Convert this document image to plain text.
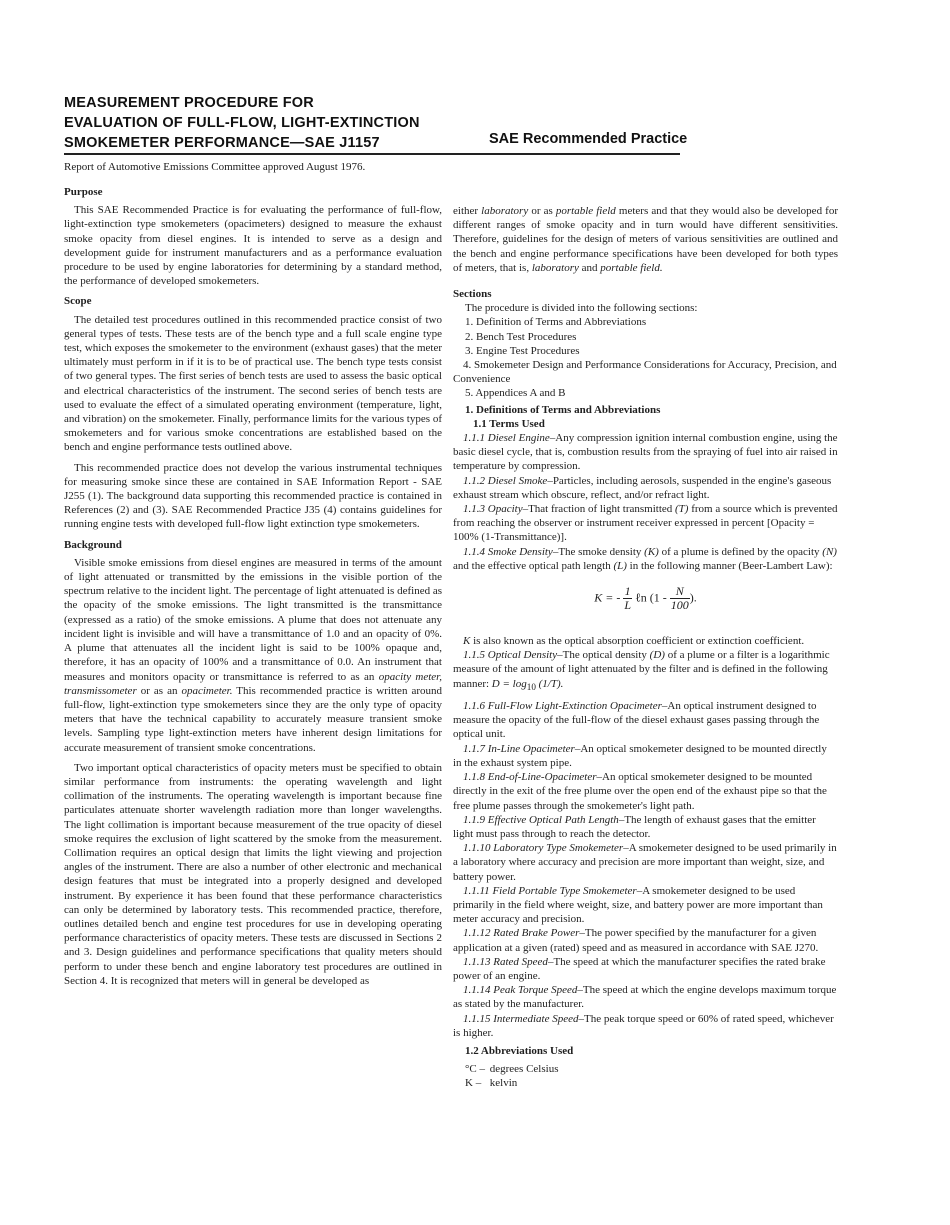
MEASUREMENT PROCEDURE FOR
EVALUATION OF FULL-FLOW, LIGHT-EXTINCTION
SMOKEMETER PERFORMANCE—SAE J1157	SAE Recommended Practice
Report of Automotive Emissions Committee approved August 1976.
Purpose

This SAE Recommended Practice is for evaluating the performance of full-flow, light-extinction type smokemeters (opacimeters) designed to measure the exhaust smoke opacity from diesel engines. It is intended to serve as a design and development guide for instrument manufacturers and as a performance evaluation procedure to be used by engine laboratories for determining by a standard method, the performance of developed smokemeters.

Scope

The detailed test procedures outlined in this recommended practice consist of two general types of tests. These tests are of the bench type and a full scale engine type test, which exposes the smokemeter to the environment (exhaust gases) that the meter ultimately must perform in if it is to be of practical use. The bench type tests consist of two general types. The first series of bench tests are used to assess the basic optical and electrical characteristics of the instrument. The second series of bench tests are used to evaluate the effect of a simulated operating environment (temperature, light, and vibration) on the smokemeter. Finally, performance limits for the various types of smokemeters and for various smoke concentrations are established based on the bench and engine performance tests outlined above.

This recommended practice does not develop the various instrumental techniques for measuring smoke since these are contained in SAE Information Report - SAE J255 (1). The background data supporting this recommended practice is contained in References (2) and (3). SAE Recommended Practice J35 (4) contains guidelines for running engine tests with developed full-flow light extinction type smokemeters.

Background

Visible smoke emissions from diesel engines are measured in terms of the amount of light attenuated or transmitted by the emissions in the visible portion of the spectrum relative to the incident light. The percentage of light attenuated is defined as the opacity of the smoke emissions. The light transmitted is the transmittance (expressed as a ratio) of the smoke emissions. A plume that does not attenuate any incident light is invisible and will have a transmittance of 1.0 and an opacity of 0%. A plume that attenuates all the incident light is said to be 100% opaque and, therefore, it has an opacity of 100% and a transmittance of 0.0. An instrument that measures and monitors opacity or transmittance is referred to as an opacity meter, transmissometer or as an opacimeter. This recommended practice is written around full-flow, light-extinction type smokemeters since they are the only type of opacity meters that have the technical capability to accurately measure transient smoke levels. Sampling type light-extinction meters have inherent design limitations for accurate measurement of transient smoke concentrations.

Two important optical characteristics of opacity meters must be specified to obtain similar performance from instruments: the operating wavelength and light collimation of the instruments. The operating wavelength is important because fine particulates attenuate shorter wavelength radiation more than longer wavelengths. The light collimation is important because measurement of the true opacity of diesel smoke requires the exclusion of light scattered by the smoke from the measurement. Collimation requires an optical design that limits the light viewing and projection angles of the instrument. There are also a number of other electronic and mechanical design features that must be integrated into a properly designed and developed instrument. By experience it has been found that these performance characteristics can only be determined by laboratory tests. This recommended practice, therefore, outlines detailed bench and engine test procedures for use in developing operating performance characteristics of opacity meters. These tests are discussed in Sections 2 and 3. Design guidelines and performance specifications that quality meters should perform to under these bench and engine laboratory test procedures are outlined in Section 4. It is recognized that meters will in general be developed as

either laboratory or as portable field meters and that they would also be developed for different ranges of smoke opacity and in turn would have different sensitivities. Therefore, guidelines for the design of meters of various sensitivities are outlined and the bench and engine performance specifications have been developed for both types of meters, that is, laboratory and portable field.

Sections

The procedure is divided into the following sections:

1. Definition of Terms and Abbreviations

2. Bench Test Procedures

3. Engine Test Procedures

4. Smokemeter Design and Performance Considerations for Accuracy, Precision, and Convenience

5. Appendices A and B

1. Definitions of Terms and Abbreviations

1.1 Terms Used

1.1.1 Diesel Engine–Any compression ignition internal combustion engine, using the basic diesel cycle, that is, combustion results from the spraying of fuel into air raised in temperature by compression.

1.1.2 Diesel Smoke–Particles, including aerosols, suspended in the engine's gaseous exhaust stream which obscure, reflect, and/or refract light.

1.1.3 Opacity–That fraction of light transmitted (T) from a source which is prevented from reaching the observer or instrument receiver expressed in percent [Opacity = 100% (1-Transmittance)].

1.1.4 Smoke Density–The smoke density (K) of a plume is defined by the opacity (N) and the effective optical path length (L) in the following manner (Beer-Lambert Law):

K = - $\frac{1}{L}$ ℓn ($1 - \frac{N}{100}$ ).

K is also known as the optical absorption coefficient or extinction coefficient.

1.1.5 Optical Density–The optical density (D) of a plume or a filter is a logarithmic measure of the amount of light attenuated by the filter and is defined in the following manner: $D = \log_{10} (1/T)$.

1.1.6 Full-Flow Light-Extinction Opacimeter–An optical instrument designed to measure the opacity of the full-flow of the diesel exhaust gases passing through the optical unit.

1.1.7 In-Line Opacimeter–An optical smokemeter designed to be mounted directly in the exhaust system pipe.

1.1.8 End-of-Line-Opacimeter–An optical smokemeter designed to be mounted directly in the exit of the free plume over the open end of the exhaust pipe so that the free plume passes through the smokemeter's light path.

1.1.9 Effective Optical Path Length–The length of exhaust gases that the emitter light must pass through to reach the detector.

1.1.10 Laboratory Type Smokemeter–A smokemeter designed to be used primarily in a laboratory where accuracy and precision are more important than weight, size, and battery power.

1.1.11 Field Portable Type Smokemeter–A smokemeter designed to be used primarily in the field where weight, size, and battery power are more important than meter accuracy and precision.

1.1.12 Rated Brake Power–The power specified by the manufacturer for a given application at a given (rated) speed and as measured in accordance with SAE J270.

1.1.13 Rated Speed–The speed at which the manufacturer specifies the rated brake power of an engine.

1.1.14 Peak Torque Speed–The speed at which the engine develops maximum torque as stated by the manufacturer.

1.1.15 Intermediate Speed–The peak torque speed or 60% of rated speed, whichever is higher.

1.2 Abbreviations Used

°C – degrees Celsius

K – kelvin
